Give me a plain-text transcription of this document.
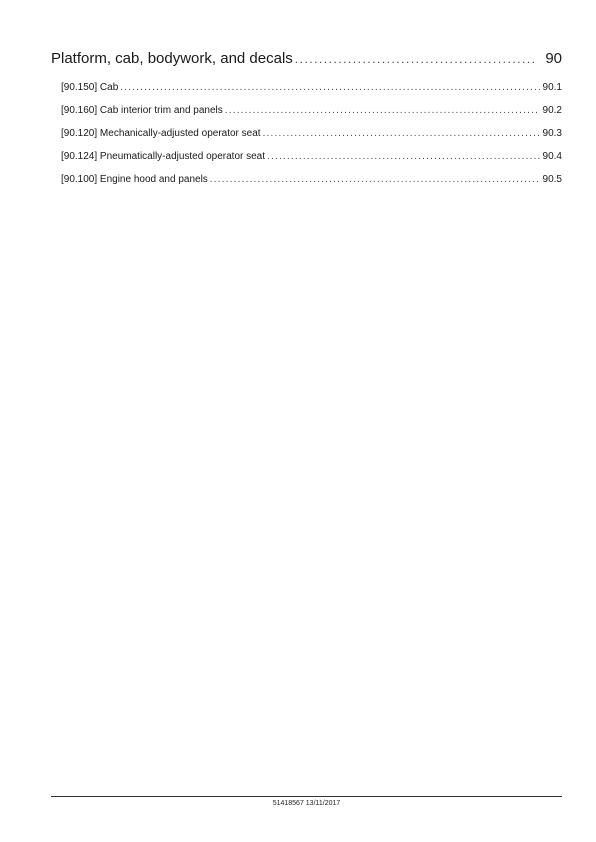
Platform, cab, bodywork, and decals .....	90
[90.150] Cab .....	90.1
[90.160] Cab interior trim and panels .....	90.2
[90.120] Mechanically-adjusted operator seat .....	90.3
[90.124] Pneumatically-adjusted operator seat .....	90.4
[90.100] Engine hood and panels .....	90.5
51418567 13/11/2017
